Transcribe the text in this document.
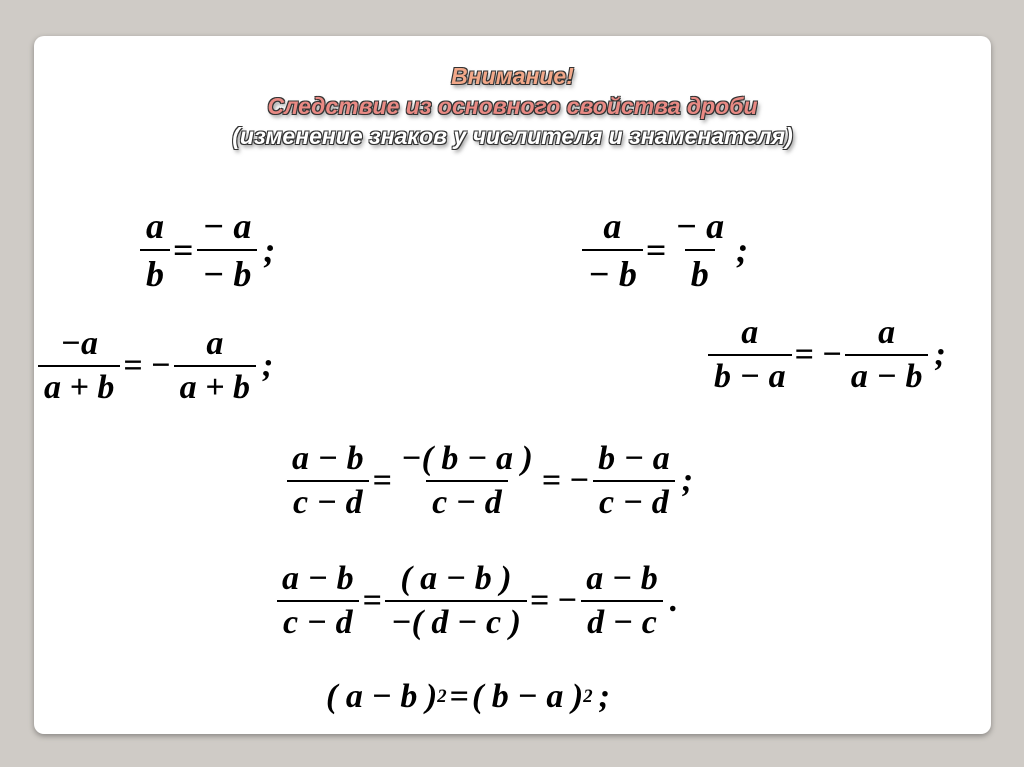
Внимание!
Следствие из основного свойства дроби
(изменение знаков у числителя и знаменателя)
$\frac{a}{b} = \frac{- a}{- b}$ ;	$\frac{a}{- b} = \frac{- a}{b}$ ;
$\frac{-a}{a + b}$ = − $\frac{a}{a + b}$ ;	$\frac{a}{b - a}$ = − $\frac{a}{a - b}$ ;
$\frac{a - b}{c - d} = \frac{-( b - a )}{c - d}$ = − $\frac{b - a}{c - d}$ ;
$\frac{a - b}{c - d} = \frac{( a - b )}{-( d - c )}$ = − $\frac{a - b}{d - c}$ .
( a − b ) 2 = ( b − a ) 2 ;
